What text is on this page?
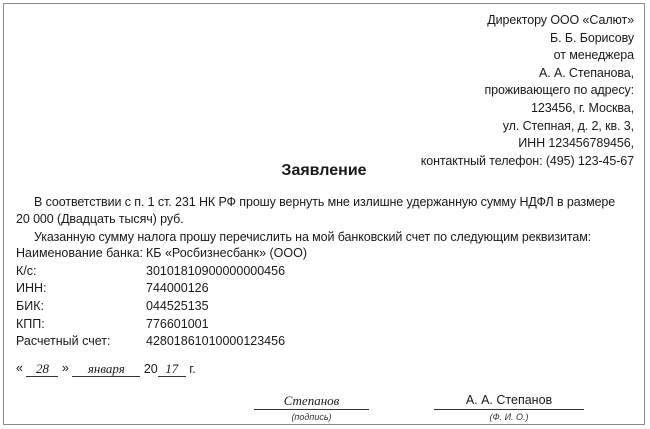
Директору ООО «Салют»
Б. Б. Борисову
от менеджера
А. А. Степанова,
проживающего по адресу:
123456, г. Москва,
ул. Степная, д. 2, кв. 3,
ИНН 123456789456,
контактный телефон: (495) 123-45-67
Заявление
В соответствии с п. 1 ст. 231 НК РФ прошу вернуть мне излишне удержанную сумму НДФЛ в размере 20 000 (Двадцать тысяч) руб.
Указанную сумму налога прошу перечислить на мой банковский счет по следующим реквизитам:
Наименование банка:	КБ «Росбизнесбанк» (ООО)
К/с:	30101810900000000456
ИНН:	744000126
БИК:	044525135
КПП:	776601001
Расчетный счет:	42801861010000123456
« 28 » января 20 17 г.
Степанов
(подпись)
А. А. Степанов
(Ф. И. О.)
